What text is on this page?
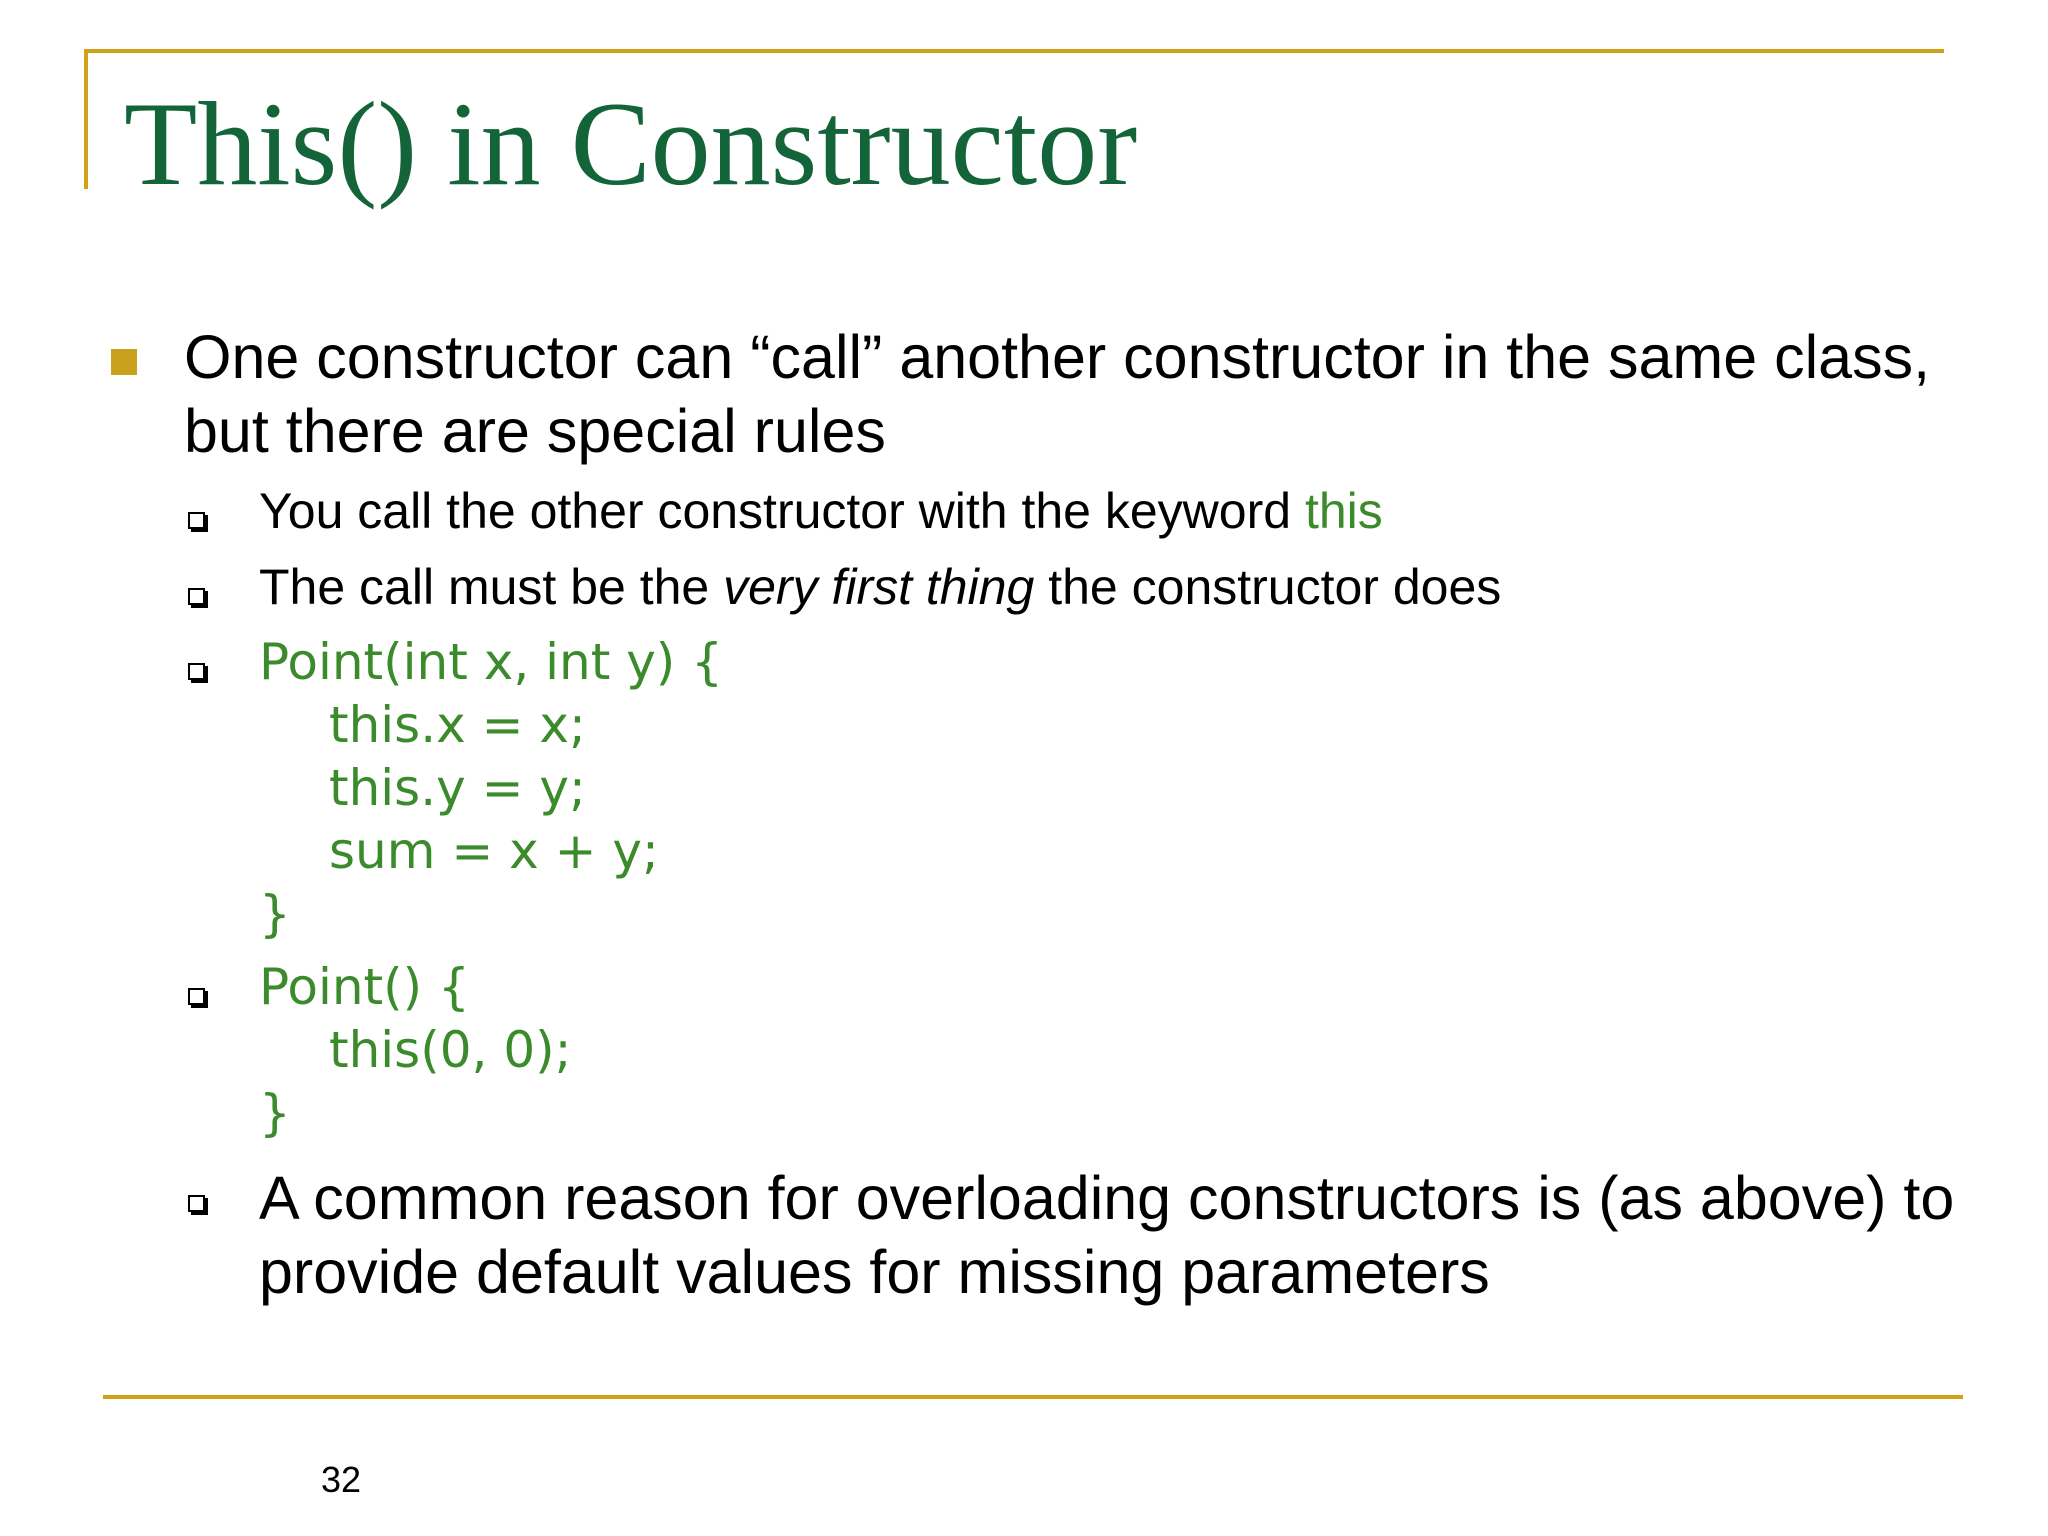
This() in Constructor

One constructor can “call” another constructor in the same class, but there are special rules

You call the other constructor with the keyword this

The call must be the very first thing the constructor does

Point(int x, int y) {

this.x = x;

this.y = y;

sum = x + y;

}

Point() {

this(0, 0);

}

A common reason for overloading constructors is (as above) to provide default values for missing parameters

32
